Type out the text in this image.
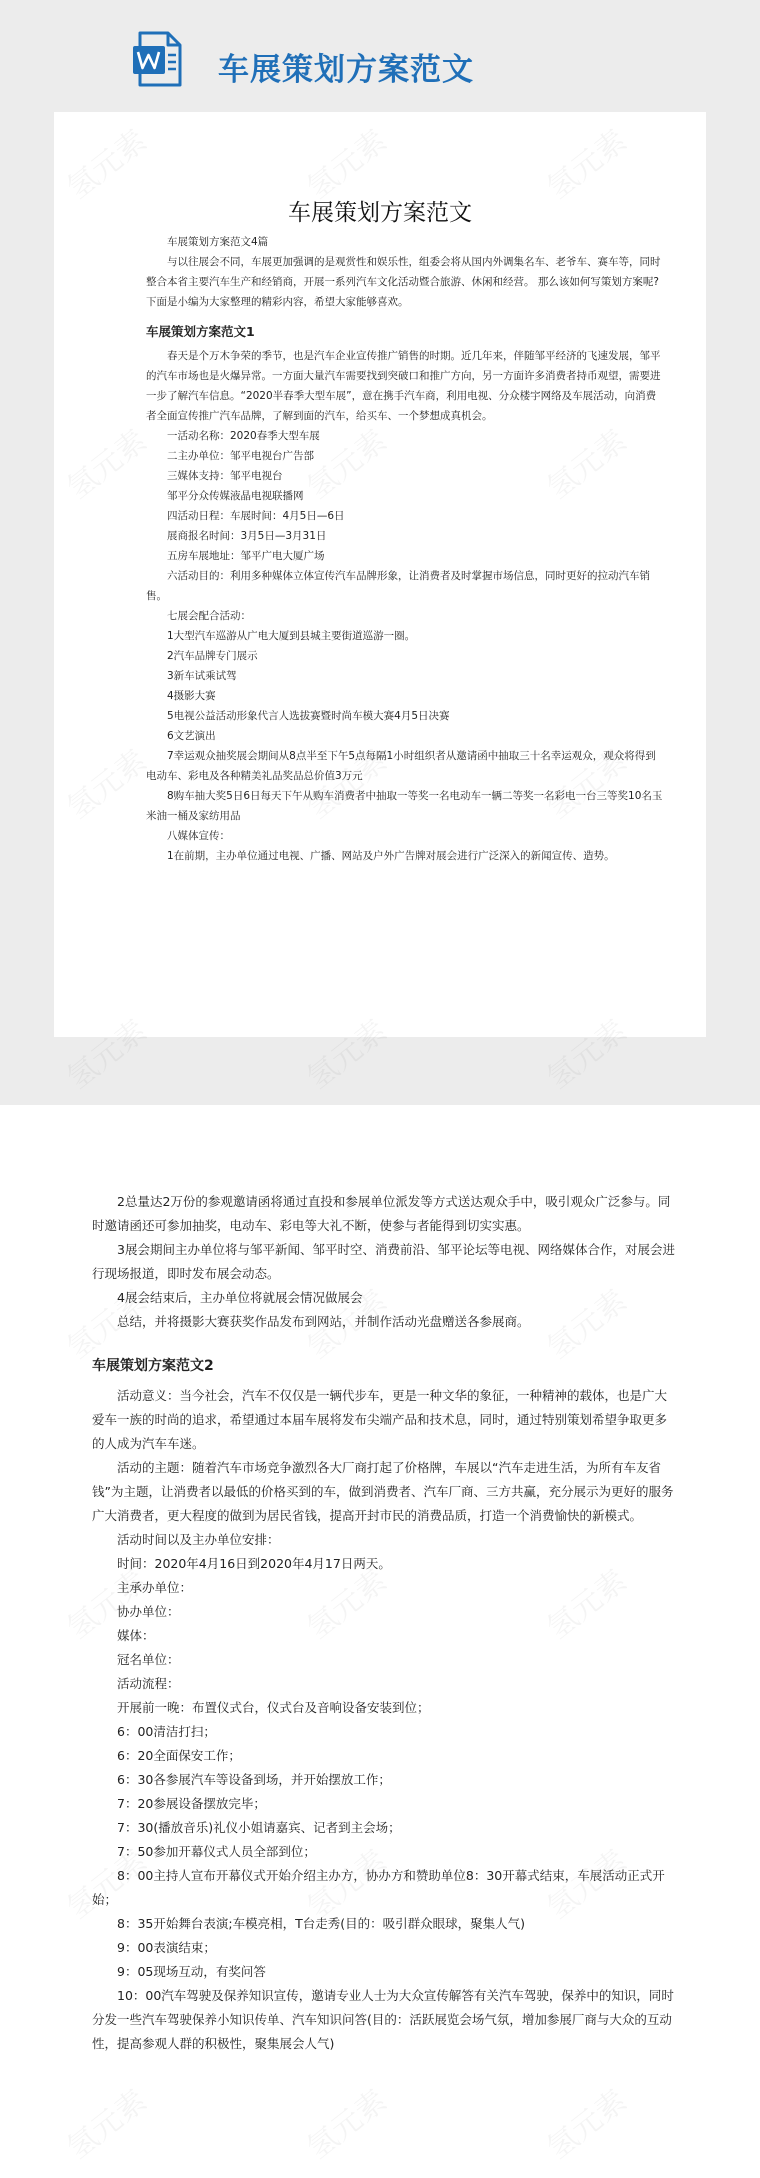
车展策划方案范文
车展策划方案范文
车展策划方案范文4篇
与以往展会不同，车展更加强调的是观赏性和娱乐性，组委会将从国内外调集名车、老爷车、赛车等，同时整合本省主要汽车生产和经销商，开展一系列汽车文化活动暨合旅游、休闲和经营。 那么该如何写策划方案呢?下面是小编为大家整理的精彩内容，希望大家能够喜欢。
车展策划方案范文1
春天是个万木争荣的季节，也是汽车企业宣传推广销售的时期。近几年来，伴随邹平经济的飞速发展，邹平的汽车市场也是火爆异常。一方面大量汽车需要找到突破口和推广方向，另一方面许多消费者持币观望，需要进一步了解汽车信息。“2020半春季大型车展”，意在携手汽车商，利用电视、分众楼宇网络及车展活动，向消费者全面宣传推广汽车品牌，了解到面的汽车，给买车、一个梦想成真机会。
一活动名称：2020春季大型车展
二主办单位：邹平电视台广告部
三媒体支持：邹平电视台
邹平分众传媒液晶电视联播网
四活动日程：车展时间：4月5日—6日
展商报名时间：3月5日—3月31日
五房车展地址：邹平广电大厦广场
六活动目的：利用多种媒体立体宣传汽车品牌形象，让消费者及时掌握市场信息，同时更好的拉动汽车销售。
七展会配合活动：
1大型汽车巡游从广电大厦到县城主要街道巡游一圈。
2汽车品牌专门展示
3新车试乘试驾
4摄影大赛
5电视公益活动形象代言人选拔赛暨时尚车模大赛4月5日决赛
6文艺演出
7幸运观众抽奖展会期间从8点半至下午5点每隔1小时组织者从邀请函中抽取三十名幸运观众，观众将得到电动车、彩电及各种精美礼品奖品总价值3万元
8购车抽大奖5日6日每天下午从购车消费者中抽取一等奖一名电动车一辆二等奖一名彩电一台三等奖10名玉米油一桶及家纺用品
八媒体宣传：
1在前期，主办单位通过电视、广播、网站及户外广告牌对展会进行广泛深入的新闻宣传、造势。
2总量达2万份的参观邀请函将通过直投和参展单位派发等方式送达观众手中，吸引观众广泛参与。同时邀请函还可参加抽奖，电动车、彩电等大礼不断，使参与者能得到切实实惠。
3展会期间主办单位将与邹平新闻、邹平时空、消费前沿、邹平论坛等电视、网络媒体合作，对展会进行现场报道，即时发布展会动态。
4展会结束后，主办单位将就展会情况做展会
总结，并将摄影大赛获奖作品发布到网站，并制作活动光盘赠送各参展商。
车展策划方案范文2
活动意义：当今社会，汽车不仅仅是一辆代步车，更是一种文华的象征，一种精神的载体，也是广大爱车一族的时尚的追求，希望通过本届车展将发布尖端产品和技术息，同时，通过特别策划希望争取更多的人成为汽车车迷。
活动的主题：随着汽车市场竞争激烈各大厂商打起了价格牌，车展以“汽车走进生活，为所有车友省钱”为主题，让消费者以最低的价格买到的车，做到消费者、汽车厂商、三方共赢，充分展示为更好的服务广大消费者，更大程度的做到为居民省钱，提高开封市民的消费品质，打造一个消费愉快的新模式。
活动时间以及主办单位安排：
时间：2020年4月16日到2020年4月17日两天。
主承办单位：
协办单位：
媒体：
冠名单位：
活动流程：
开展前一晚：布置仪式台，仪式台及音响设备安装到位；
6：00清洁打扫；
6：20全面保安工作；
6：30各参展汽车等设备到场，并开始摆放工作；
7：20参展设备摆放完毕；
7：30(播放音乐)礼仪小姐请嘉宾、记者到主会场；
7：50参加开幕仪式人员全部到位；
8：00主持人宣布开幕仪式开始介绍主办方，协办方和赞助单位8：30开幕式结束，车展活动正式开始；
8：35开始舞台表演;车模亮相，T台走秀(目的：吸引群众眼球，聚集人气)
9：00表演结束；
9：05现场互动，有奖问答
10：00汽车驾驶及保养知识宣传，邀请专业人士为大众宣传解答有关汽车驾驶，保养中的知识，同时分发一些汽车驾驶保养小知识传单、汽车知识问答(目的：活跃展览会场气氛，增加参展厂商与大众的互动性，提高参观人群的积极性，聚集展会人气)
